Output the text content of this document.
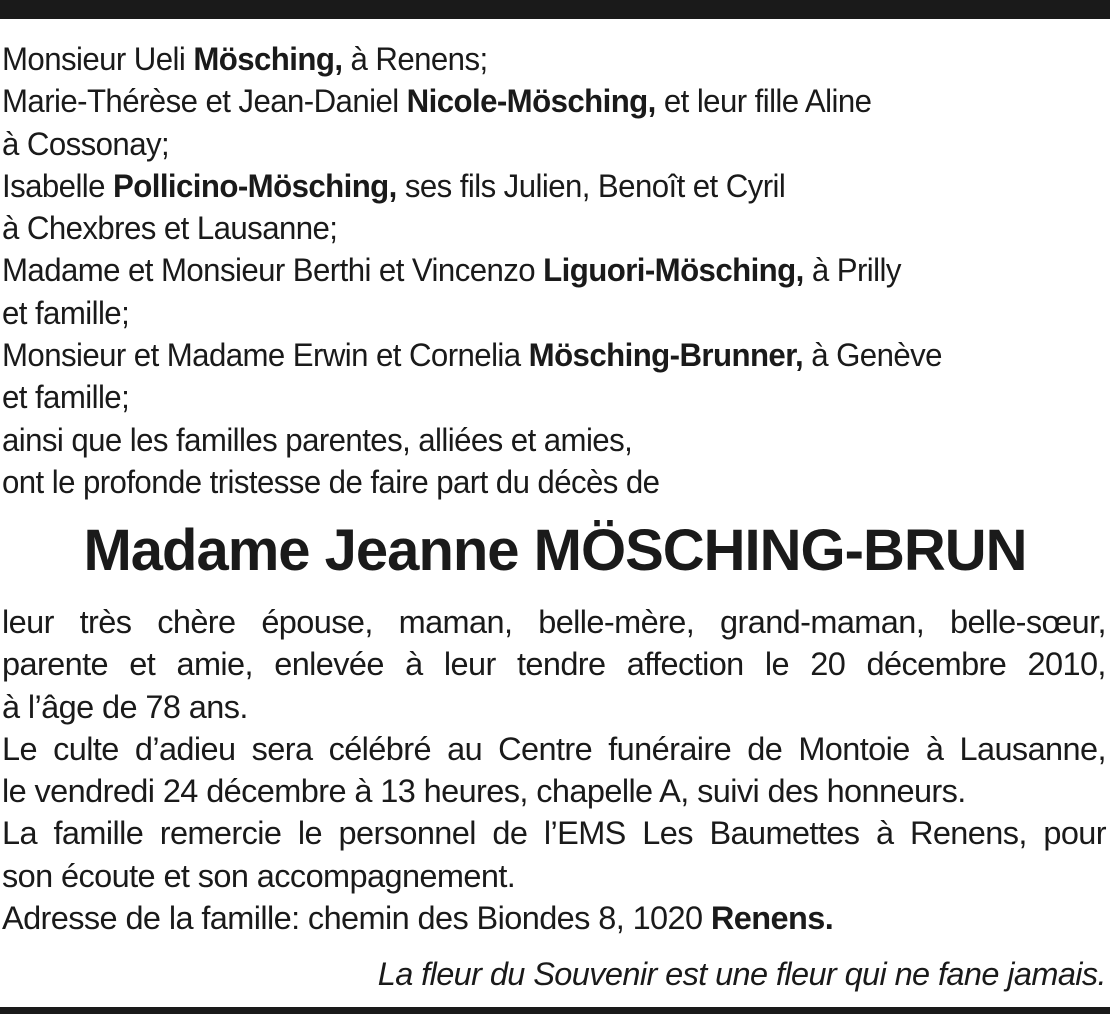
Monsieur Ueli Mösching, à Renens;
Marie-Thérèse et Jean-Daniel Nicole-Mösching, et leur fille Aline
à Cossonay;
Isabelle Pollicino-Mösching, ses fils Julien, Benoît et Cyril
à Chexbres et Lausanne;
Madame et Monsieur Berthi et Vincenzo Liguori-Mösching, à Prilly
et famille;
Monsieur et Madame Erwin et Cornelia Mösching-Brunner, à Genève
et famille;
ainsi que les familles parentes, alliées et amies,
ont le profonde tristesse de faire part du décès de
Madame Jeanne MÖSCHING-BRUN
leur très chère épouse, maman, belle-mère, grand-maman, belle-sœur,
parente et amie, enlevée à leur tendre affection le 20 décembre 2010,
à l’âge de 78 ans.
Le culte d’adieu sera célébré au Centre funéraire de Montoie à Lausanne,
le vendredi 24 décembre à 13 heures, chapelle A, suivi des honneurs.
La famille remercie le personnel de l’EMS Les Baumettes à Renens, pour
son écoute et son accompagnement.
Adresse de la famille: chemin des Biondes 8, 1020 Renens.
La fleur du Souvenir est une fleur qui ne fane jamais.
